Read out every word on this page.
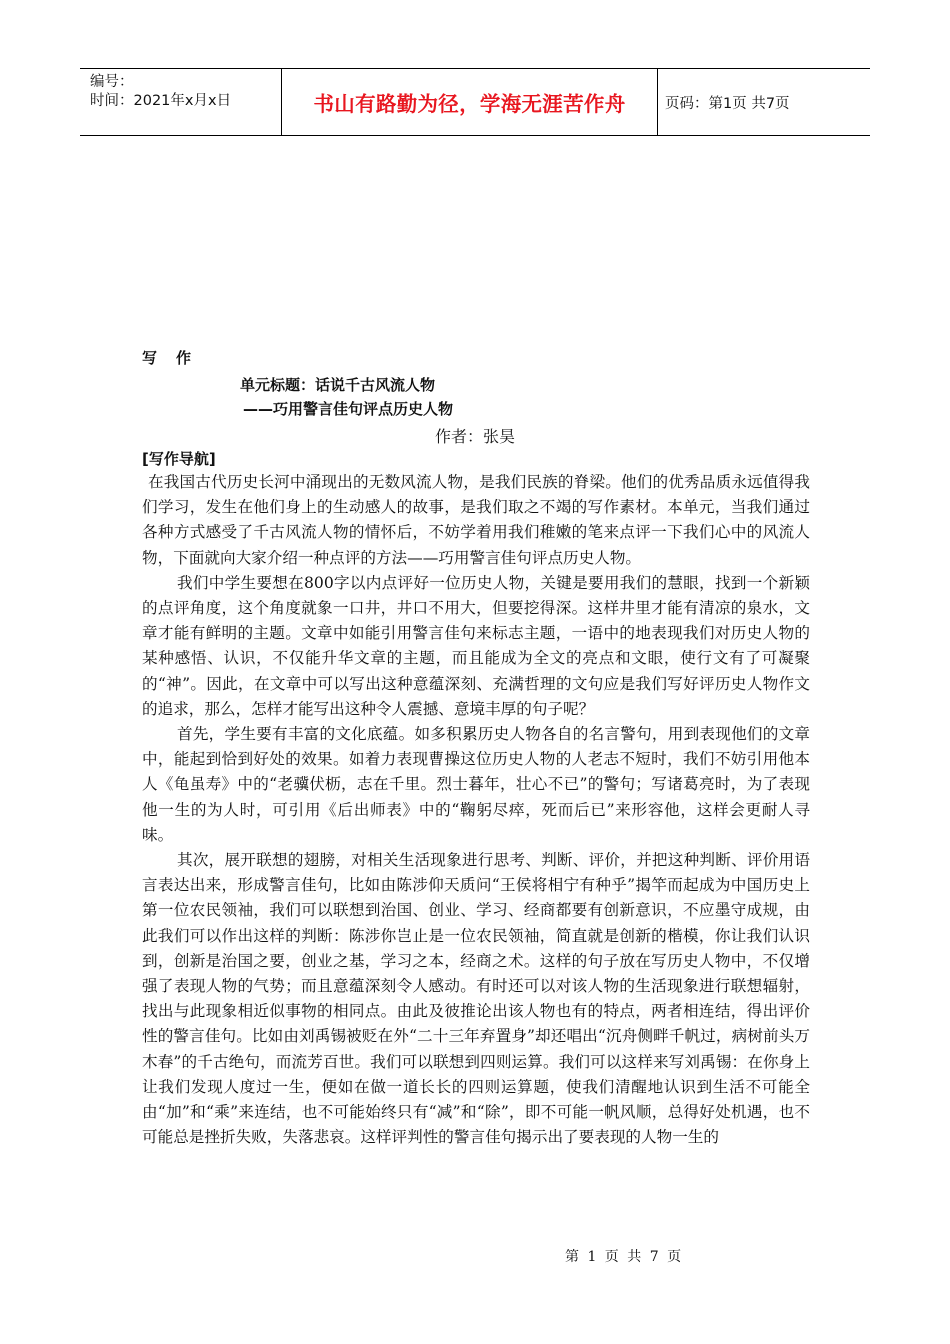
编号：
时间：2021年x月x日	书山有路勤为径，学海无涯苦作舟	页码：第1页 共7页
写作
单元标题：话说千古风流人物
——巧用警言佳句评点历史人物
作者：张昊
[写作导航]

在我国古代历史长河中涌现出的无数风流人物，是我们民族的脊梁。他们的优秀品质永远值得我们学习，发生在他们身上的生动感人的故事，是我们取之不竭的写作素材。本单元，当我们通过各种方式感受了千古风流人物的情怀后，不妨学着用我们稚嫩的笔来点评一下我们心中的风流人物，下面就向大家介绍一种点评的方法——巧用警言佳句评点历史人物。

我们中学生要想在800字以内点评好一位历史人物，关键是要用我们的慧眼，找到一个新颖的点评角度，这个角度就象一口井，井口不用大，但要挖得深。这样井里才能有清凉的泉水，文章才能有鲜明的主题。文章中如能引用警言佳句来标志主题，一语中的地表现我们对历史人物的某种感悟、认识，不仅能升华文章的主题，而且能成为全文的亮点和文眼，使行文有了可凝聚的“神”。因此，在文章中可以写出这种意蕴深刻、充满哲理的文句应是我们写好评历史人物作文的追求，那么，怎样才能写出这种令人震撼、意境丰厚的句子呢？

首先，学生要有丰富的文化底蕴。如多积累历史人物各自的名言警句，用到表现他们的文章中，能起到恰到好处的效果。如着力表现曹操这位历史人物的人老志不短时，我们不妨引用他本人《龟虽寿》中的“老骥伏枥，志在千里。烈士暮年，壮心不已”的警句；写诸葛亮时，为了表现他一生的为人时，可引用《后出师表》中的“鞠躬尽瘁，死而后已”来形容他，这样会更耐人寻味。

其次，展开联想的翅膀，对相关生活现象进行思考、判断、评价，并把这种判断、评价用语言表达出来，形成警言佳句，比如由陈涉仰天质问“王侯将相宁有种乎”揭竿而起成为中国历史上第一位农民领袖，我们可以联想到治国、创业、学习、经商都要有创新意识，不应墨守成规，由此我们可以作出这样的判断：陈涉你岂止是一位农民领袖，简直就是创新的楷模，你让我们认识到，创新是治国之要，创业之基，学习之本，经商之术。这样的句子放在写历史人物中，不仅增强了表现人物的气势；而且意蕴深刻令人感动。有时还可以对该人物的生活现象进行联想辐射，找出与此现象相近似事物的相同点。由此及彼推论出该人物也有的特点，两者相连结，得出评价性的警言佳句。比如由刘禹锡被贬在外“二十三年弃置身”却还唱出“沉舟侧畔千帆过，病树前头万木春”的千古绝句，而流芳百世。我们可以联想到四则运算。我们可以这样来写刘禹锡：在你身上让我们发现人度过一生，便如在做一道长长的四则运算题，使我们清醒地认识到生活不可能全由“加”和“乘”来连结，也不可能始终只有“减”和“除”，即不可能一帆风顺，总得好处机遇，也不可能总是挫折失败，失落悲哀。这样评判性的警言佳句揭示出了要表现的人物一生的

第 1 页 共 7 页
